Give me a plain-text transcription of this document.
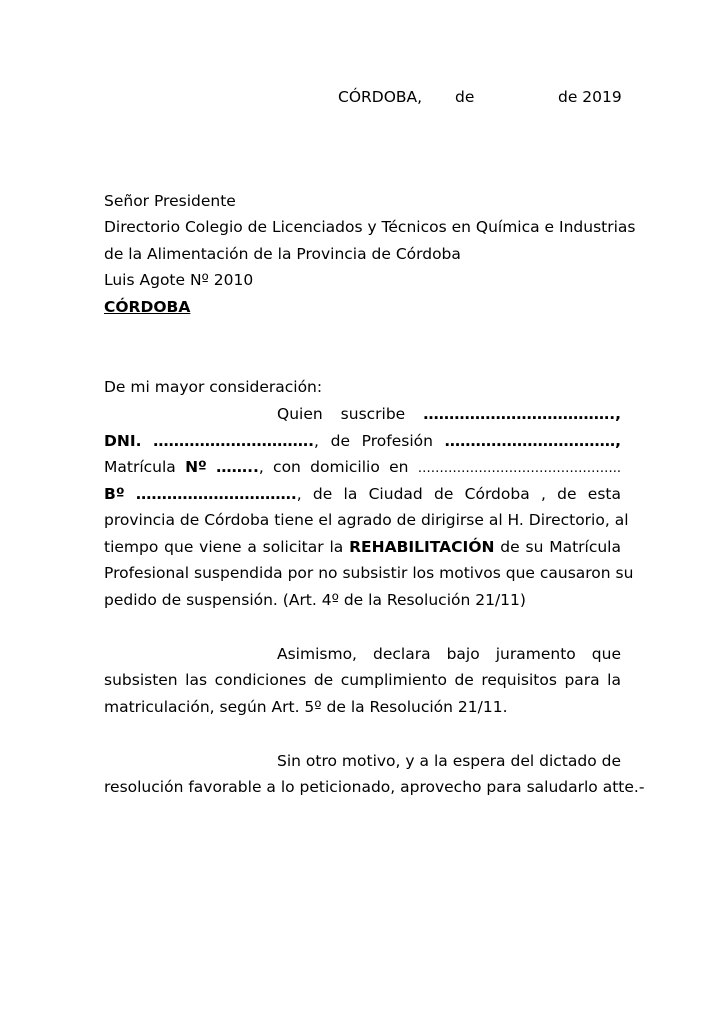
CÓRDOBA, de	de 2019
Señor Presidente
Directorio Colegio de Licenciados y Técnicos en Química e Industrias
de la Alimentación de la Provincia de Córdoba
Luis Agote Nº 2010
CÓRDOBA
De mi mayor consideración:
Quien suscribe ……………………………….,
DNI. …………………………., de Profesión ……………………………,
Matrícula Nº …….., con domicilio en ………………………………………..
Bº …………………………., de la Ciudad de Córdoba , de esta
provincia de Córdoba tiene el agrado de dirigirse al H. Directorio, al
tiempo que viene a solicitar la REHABILITACIÓN de su Matrícula
Profesional suspendida por no subsistir los motivos que causaron su
pedido de suspensión. (Art. 4º de la Resolución 21/11)
Asimismo, declara bajo juramento que
subsisten las condiciones de cumplimiento de requisitos para la
matriculación, según Art. 5º de la Resolución 21/11.
Sin otro motivo, y a la espera del dictado de
resolución favorable a lo peticionado, aprovecho para saludarlo atte.-
